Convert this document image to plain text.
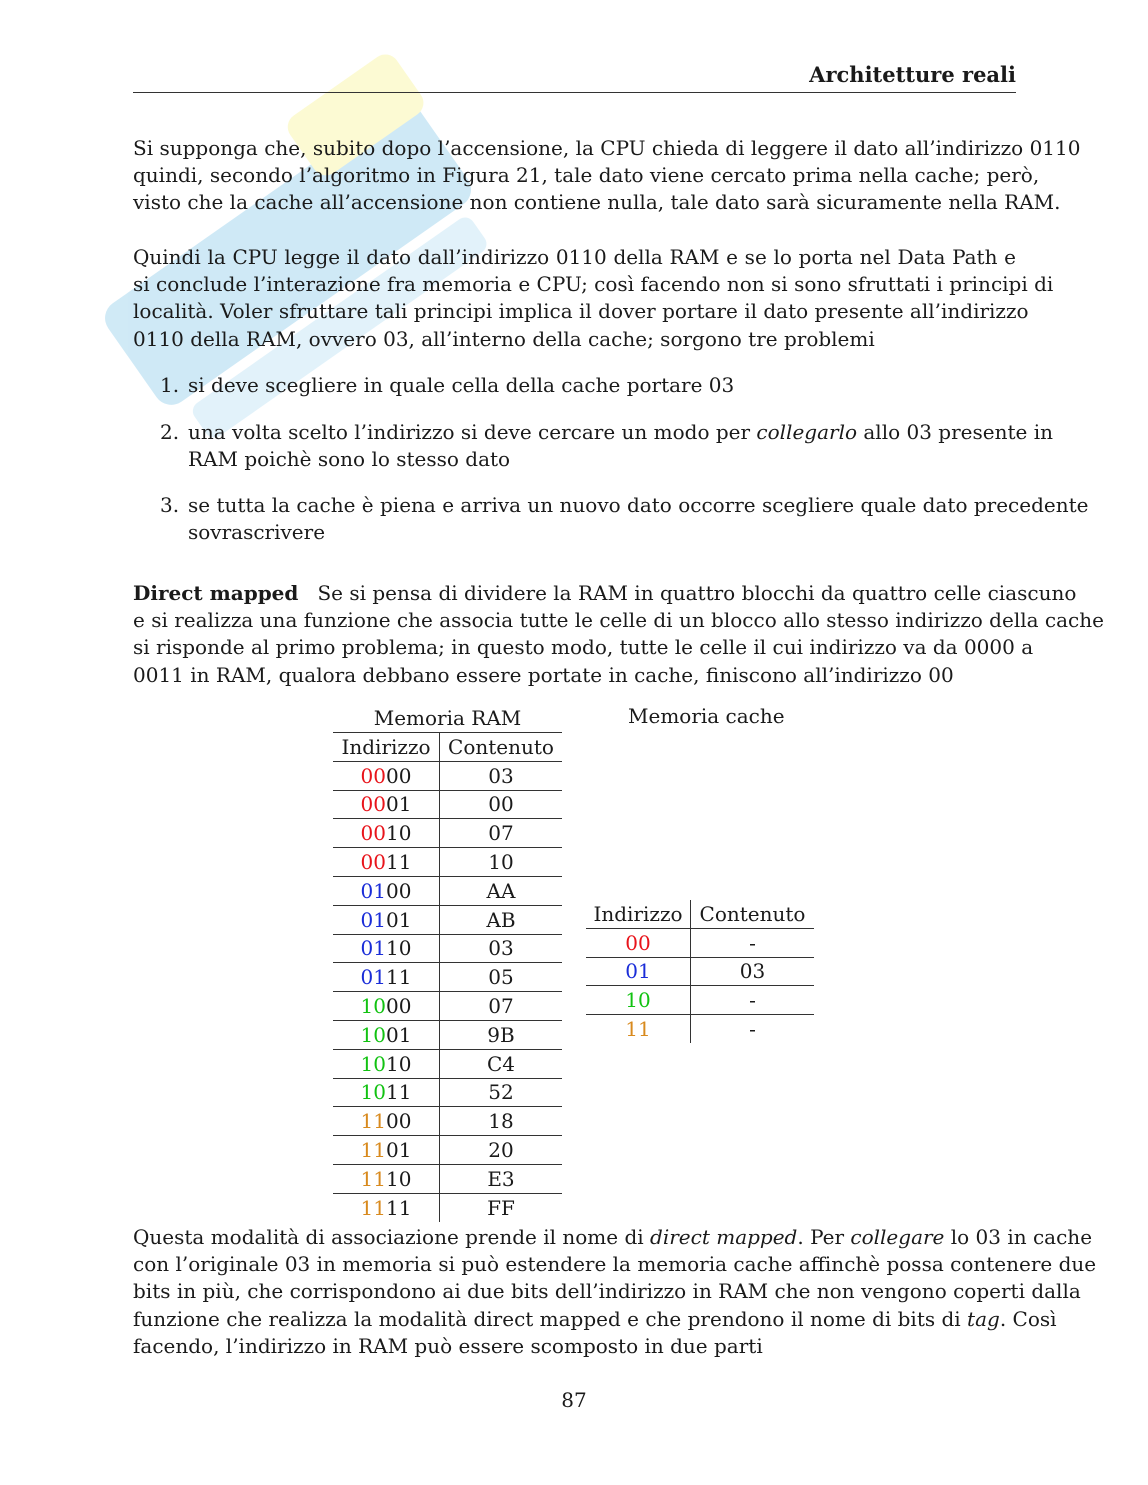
Architetture reali
Si supponga che, subito dopo l’accensione, la CPU chieda di leggere il dato all’indirizzo 0110
quindi, secondo l’algoritmo in Figura 21, tale dato viene cercato prima nella cache; però,
visto che la cache all’accensione non contiene nulla, tale dato sarà sicuramente nella RAM.
Quindi la CPU legge il dato dall’indirizzo 0110 della RAM e se lo porta nel Data Path e
si conclude l’interazione fra memoria e CPU; così facendo non si sono sfruttati i principi di
località. Voler sfruttare tali principi implica il dover portare il dato presente all’indirizzo
0110 della RAM, ovvero 03, all’interno della cache; sorgono tre problemi
1. si deve scegliere in quale cella della cache portare 03
2. una volta scelto l’indirizzo si deve cercare un modo per collegarlo allo 03 presente in
RAM poichè sono lo stesso dato
3. se tutta la cache è piena e arriva un nuovo dato occorre scegliere quale dato precedente
sovrascrivere
Direct mapped Se si pensa di dividere la RAM in quattro blocchi da quattro celle ciascuno
e si realizza una funzione che associa tutte le celle di un blocco allo stesso indirizzo della cache
si risponde al primo problema; in questo modo, tutte le celle il cui indirizzo va da 0000 a
0011 in RAM, qualora debbano essere portate in cache, finiscono all’indirizzo 00
Memoria RAM	
Indirizzo	Contenuto
0000	03
0001	00
0010	07
0011	10
0100	AA
0101	AB
0110	03
0111	05
1000	07
1001	9B
1010	C4
1011	52
1100	18
1101	20
1110	E3
1111	FF
Memoria cache
Indirizzo	Contenuto
00	-
01	03
10	-
11	-
Questa modalità di associazione prende il nome di direct mapped. Per collegare lo 03 in cache
con l’originale 03 in memoria si può estendere la memoria cache affinchè possa contenere due
bits in più, che corrispondono ai due bits dell’indirizzo in RAM che non vengono coperti dalla
funzione che realizza la modalità direct mapped e che prendono il nome di bits di tag. Così
facendo, l’indirizzo in RAM può essere scomposto in due parti
87
